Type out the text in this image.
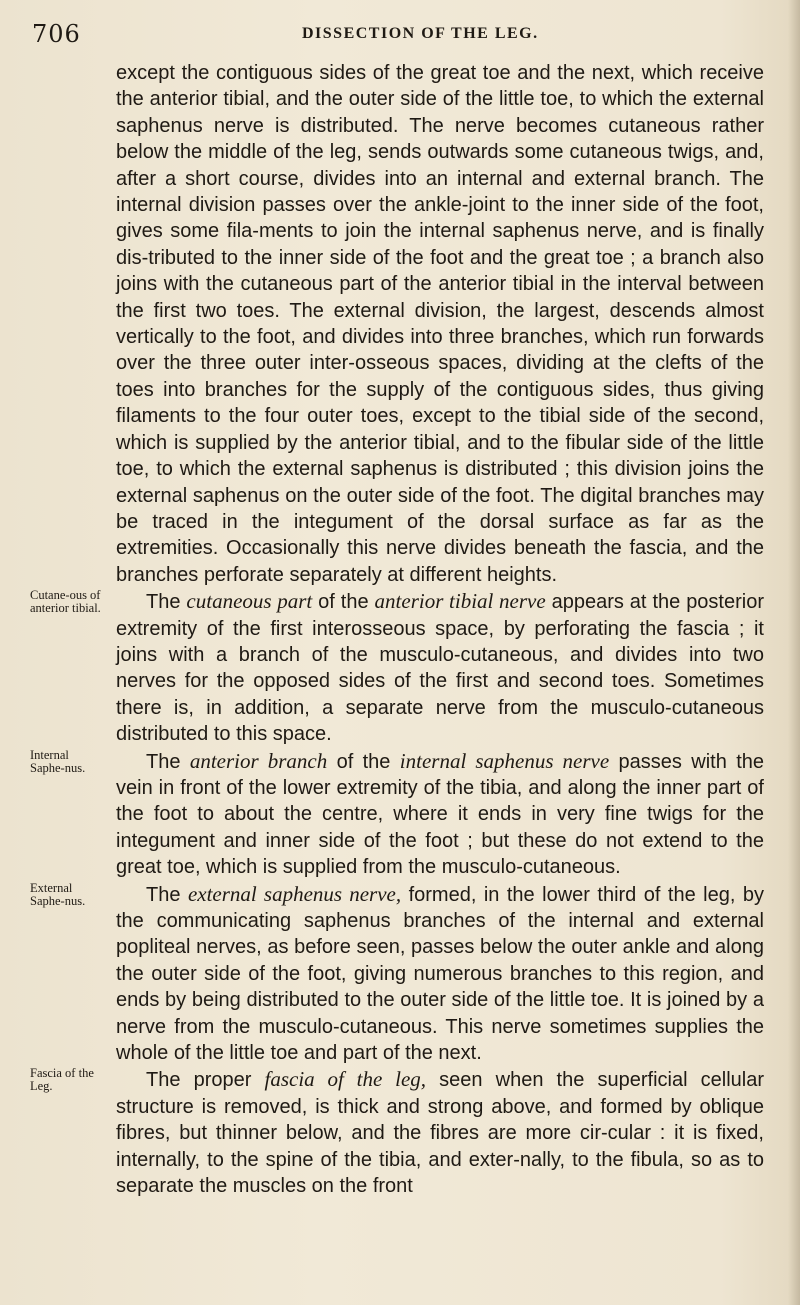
706	DISSECTION OF THE LEG.

except the contiguous sides of the great toe and the next, which receive the anterior tibial, and the outer side of the little toe, to which the external saphenus nerve is distributed. The nerve becomes cutaneous rather below the middle of the leg, sends outwards some cutaneous twigs, and, after a short course, divides into an internal and external branch. The internal division passes over the ankle-joint to the inner side of the foot, gives some fila-ments to join the internal saphenus nerve, and is finally dis-tributed to the inner side of the foot and the great toe ; a branch also joins with the cutaneous part of the anterior tibial in the interval between the first two toes. The external division, the largest, descends almost vertically to the foot, and divides into three branches, which run forwards over the three outer inter-osseous spaces, dividing at the clefts of the toes into branches for the supply of the contiguous sides, thus giving filaments to the four outer toes, except to the tibial side of the second, which is supplied by the anterior tibial, and to the fibular side of the little toe, to which the external saphenus is distributed ; this division joins the external saphenus on the outer side of the foot. The digital branches may be traced in the integument of the dorsal surface as far as the extremities. Occasionally this nerve divides beneath the fascia, and the branches perforate separately at different heights.

Cutane-ous of anterior tibial.	The cutaneous part of the anterior tibial nerve appears at the posterior extremity of the first interosseous space, by perforating the fascia ; it joins with a branch of the musculo-cutaneous, and divides into two nerves for the opposed sides of the first and second toes. Sometimes there is, in addition, a separate nerve from the musculo-cutaneous distributed to this space.

Internal Saphe-nus.	The anterior branch of the internal saphenus nerve passes with the vein in front of the lower extremity of the tibia, and along the inner part of the foot to about the centre, where it ends in very fine twigs for the integument and inner side of the foot ; but these do not extend to the great toe, which is supplied from the musculo-cutaneous.

External Saphe-nus.	The external saphenus nerve, formed, in the lower third of the leg, by the communicating saphenus branches of the internal and external popliteal nerves, as before seen, passes below the outer ankle and along the outer side of the foot, giving numerous branches to this region, and ends by being distributed to the outer side of the little toe. It is joined by a nerve from the musculo-cutaneous. This nerve sometimes supplies the whole of the little toe and part of the next.

Fascia of the Leg.	The proper fascia of the leg, seen when the superficial cellular structure is removed, is thick and strong above, and formed by oblique fibres, but thinner below, and the fibres are more cir-cular : it is fixed, internally, to the spine of the tibia, and exter-nally, to the fibula, so as to separate the muscles on the front
